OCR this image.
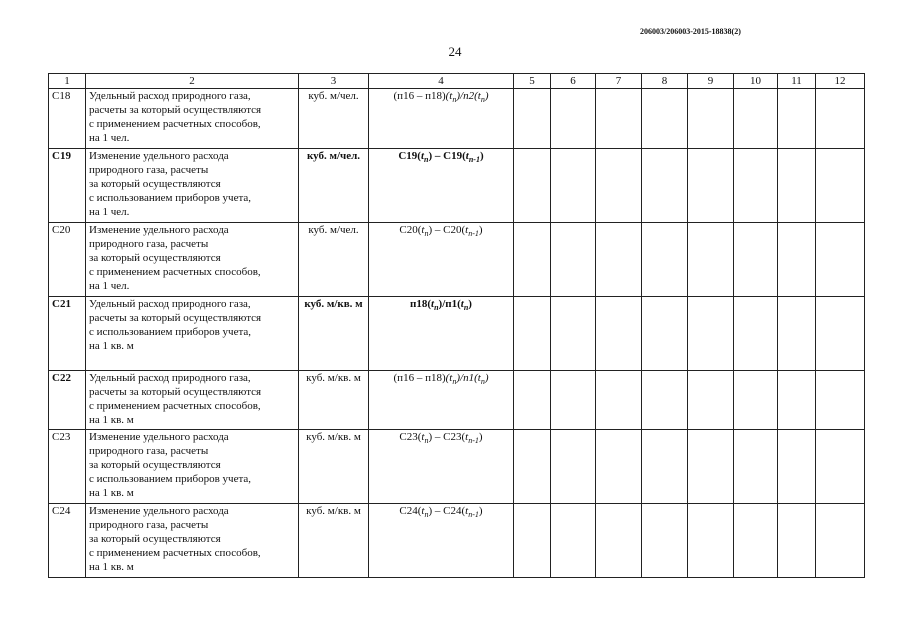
206003/206003-2015-18838(2)
24
1	2	3	4	5	6	7	8	9	10	11	12
С18	Удельный расход природного газа,
расчеты за который осуществляются
с применением расчетных способов,
на 1 чел.	куб. м/чел.	$(п16 - п18)(t_n)/п2(t_n)$								
С19	Изменение удельного расхода
природного газа, расчеты
за который осуществляются
с использованием приборов учета,
на 1 чел.	куб. м/чел.	$С19(t_n) - С19(t_{n-1})$								
С20	Изменение удельного расхода
природного газа, расчеты
за который осуществляются
с применением расчетных способов,
на 1 чел.	куб. м/чел.	$С20(t_n) - С20(t_{n-1})$								
С21	Удельный расход природного газа,
расчеты за который осуществляются
с использованием приборов учета,
на 1 кв. м	куб. м/кв. м	$п18(t_n)/п1(t_n)$								
С22	Удельный расход природного газа,
расчеты за который осуществляются
с применением расчетных способов,
на 1 кв. м	куб. м/кв. м	$(п16 - п18)(t_n)/п1(t_n)$								
С23	Изменение удельного расхода
природного газа, расчеты
за который осуществляются
с использованием приборов учета,
на 1 кв. м	куб. м/кв. м	$С23(t_n) - С23(t_{n-1})$								
С24	Изменение удельного расхода
природного газа, расчеты
за который осуществляются
с применением расчетных способов,
на 1 кв. м	куб. м/кв. м	$С24(t_n) - С24(t_{n-1})$								
